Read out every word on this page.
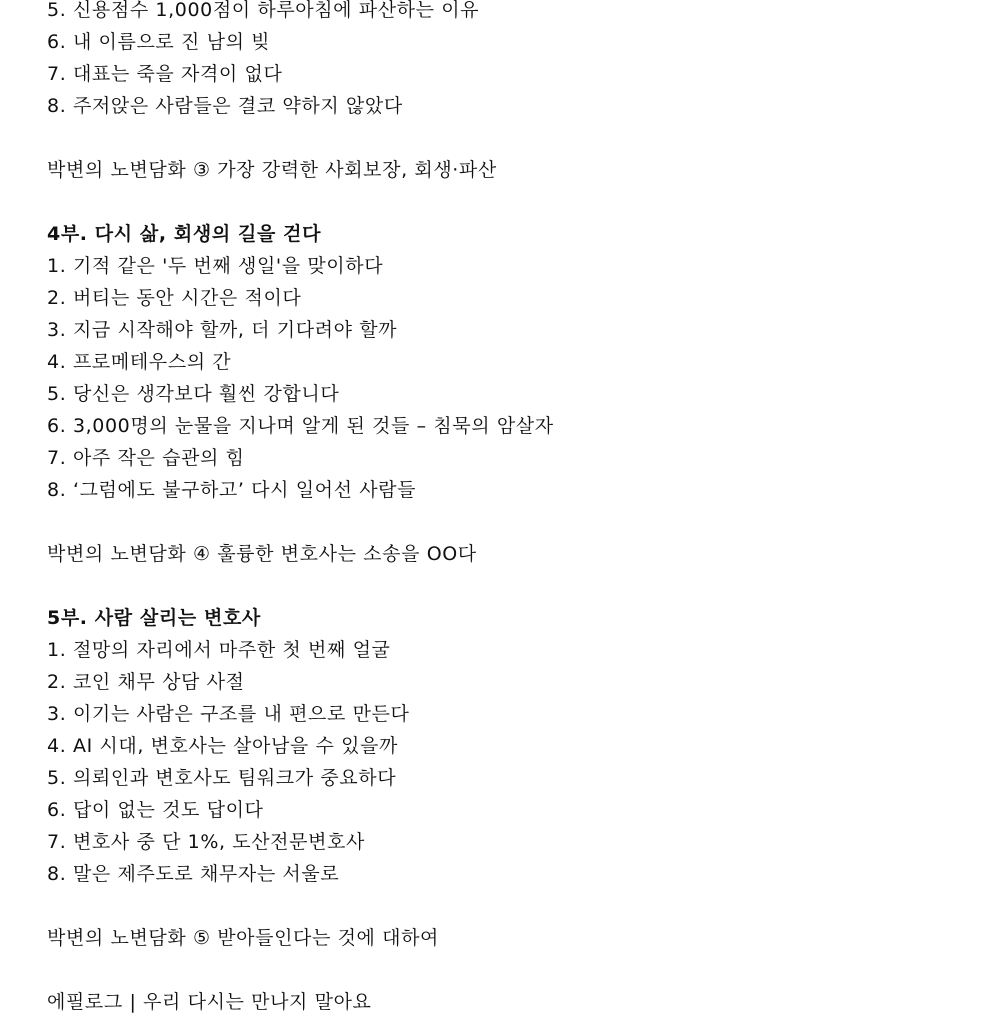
5. 신용점수 1,000점이 하루아침에 파산하는 이유
6. 내 이름으로 진 남의 빚
7. 대표는 죽을 자격이 없다
8. 주저앉은 사람들은 결코 약하지 않았다
박변의 노변담화 ③ 가장 강력한 사회보장, 회생·파산
4부. 다시 삶, 회생의 길을 걷다
1. 기적 같은 '두 번째 생일'을 맞이하다
2. 버티는 동안 시간은 적이다
3. 지금 시작해야 할까, 더 기다려야 할까
4. 프로메테우스의 간
5. 당신은 생각보다 훨씬 강합니다
6. 3,000명의 눈물을 지나며 알게 된 것들 – 침묵의 암살자
7. 아주 작은 습관의 힘
8. ‘그럼에도 불구하고’ 다시 일어선 사람들
박변의 노변담화 ④ 훌륭한 변호사는 소송을 OO다
5부. 사람 살리는 변호사
1. 절망의 자리에서 마주한 첫 번째 얼굴
2. 코인 채무 상담 사절
3. 이기는 사람은 구조를 내 편으로 만든다
4. AI 시대, 변호사는 살아남을 수 있을까
5. 의뢰인과 변호사도 팀워크가 중요하다
6. 답이 없는 것도 답이다
7. 변호사 중 단 1%, 도산전문변호사
8. 말은 제주도로 채무자는 서울로
박변의 노변담화 ⑤ 받아들인다는 것에 대하여
에필로그 | 우리 다시는 만나지 말아요
